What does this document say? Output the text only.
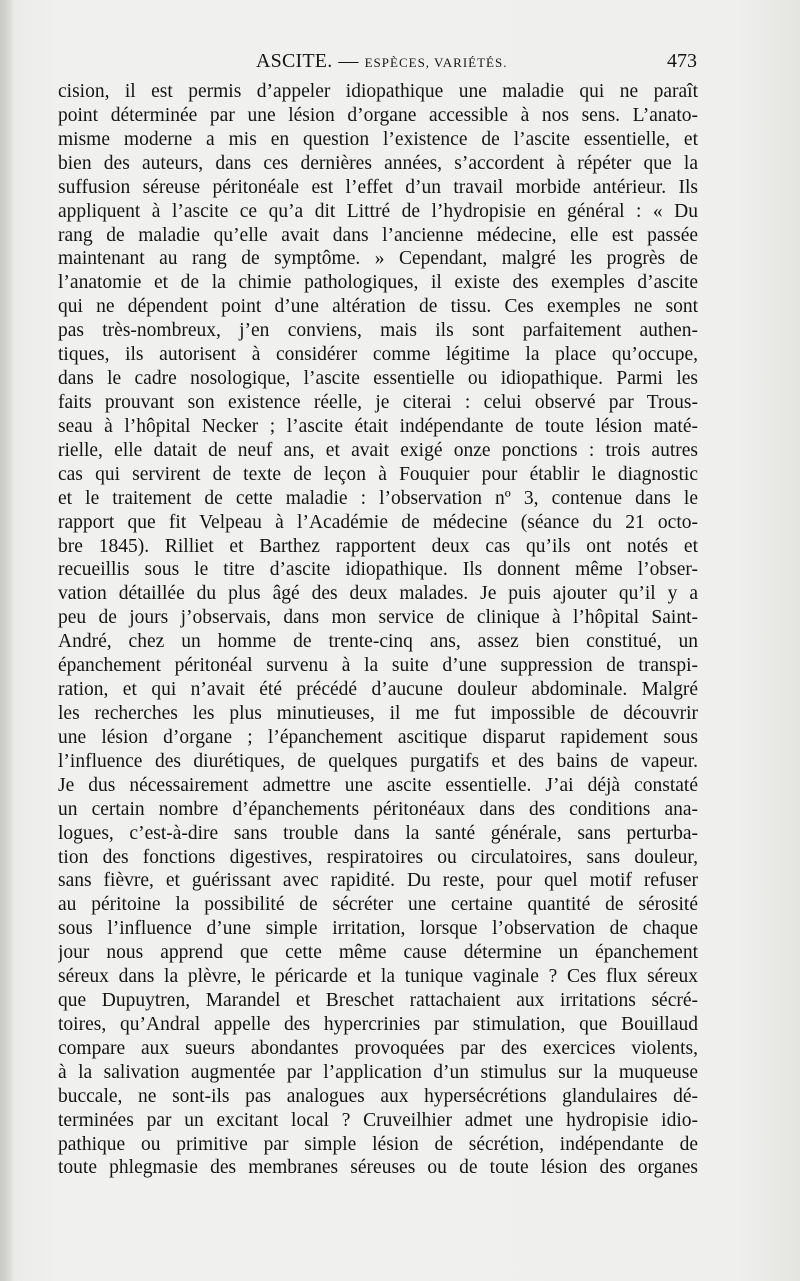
ASCITE. — ESPÈCES, VARIÉTÉS.	473
cision, il est permis d’appeler idiopathique une maladie qui ne paraît
point déterminée par une lésion d’organe accessible à nos sens. L’anato-
misme moderne a mis en question l’existence de l’ascite essentielle, et
bien des auteurs, dans ces dernières années, s’accordent à répéter que la
suffusion séreuse péritonéale est l’effet d’un travail morbide antérieur. Ils
appliquent à l’ascite ce qu’a dit Littré de l’hydropisie en général : « Du
rang de maladie qu’elle avait dans l’ancienne médecine, elle est passée
maintenant au rang de symptôme. » Cependant, malgré les progrès de
l’anatomie et de la chimie pathologiques, il existe des exemples d’ascite
qui ne dépendent point d’une altération de tissu. Ces exemples ne sont
pas très-nombreux, j’en conviens, mais ils sont parfaitement authen-
tiques, ils autorisent à considérer comme légitime la place qu’occupe,
dans le cadre nosologique, l’ascite essentielle ou idiopathique. Parmi les
faits prouvant son existence réelle, je citerai : celui observé par Trous-
seau à l’hôpital Necker ; l’ascite était indépendante de toute lésion maté-
rielle, elle datait de neuf ans, et avait exigé onze ponctions : trois autres
cas qui servirent de texte de leçon à Fouquier pour établir le diagnostic
et le traitement de cette maladie : l’observation nº 3, contenue dans le
rapport que fit Velpeau à l’Académie de médecine (séance du 21 octo-
bre 1845). Rilliet et Barthez rapportent deux cas qu’ils ont notés et
recueillis sous le titre d’ascite idiopathique. Ils donnent même l’obser-
vation détaillée du plus âgé des deux malades. Je puis ajouter qu’il y a
peu de jours j’observais, dans mon service de clinique à l’hôpital Saint-
André, chez un homme de trente-cinq ans, assez bien constitué, un
épanchement péritonéal survenu à la suite d’une suppression de transpi-
ration, et qui n’avait été précédé d’aucune douleur abdominale. Malgré
les recherches les plus minutieuses, il me fut impossible de découvrir
une lésion d’organe ; l’épanchement ascitique disparut rapidement sous
l’influence des diurétiques, de quelques purgatifs et des bains de vapeur.
Je dus nécessairement admettre une ascite essentielle. J’ai déjà constaté
un certain nombre d’épanchements péritonéaux dans des conditions ana-
logues, c’est-à-dire sans trouble dans la santé générale, sans perturba-
tion des fonctions digestives, respiratoires ou circulatoires, sans douleur,
sans fièvre, et guérissant avec rapidité. Du reste, pour quel motif refuser
au péritoine la possibilité de sécréter une certaine quantité de sérosité
sous l’influence d’une simple irritation, lorsque l’observation de chaque
jour nous apprend que cette même cause détermine un épanchement
séreux dans la plèvre, le péricarde et la tunique vaginale ? Ces flux séreux
que Dupuytren, Marandel et Breschet rattachaient aux irritations sécré-
toires, qu’Andral appelle des hypercrinies par stimulation, que Bouillaud
compare aux sueurs abondantes provoquées par des exercices violents,
à la salivation augmentée par l’application d’un stimulus sur la muqueuse
buccale, ne sont-ils pas analogues aux hypersécrétions glandulaires dé-
terminées par un excitant local ? Cruveilhier admet une hydropisie idio-
pathique ou primitive par simple lésion de sécrétion, indépendante de
toute phlegmasie des membranes séreuses ou de toute lésion des organes
